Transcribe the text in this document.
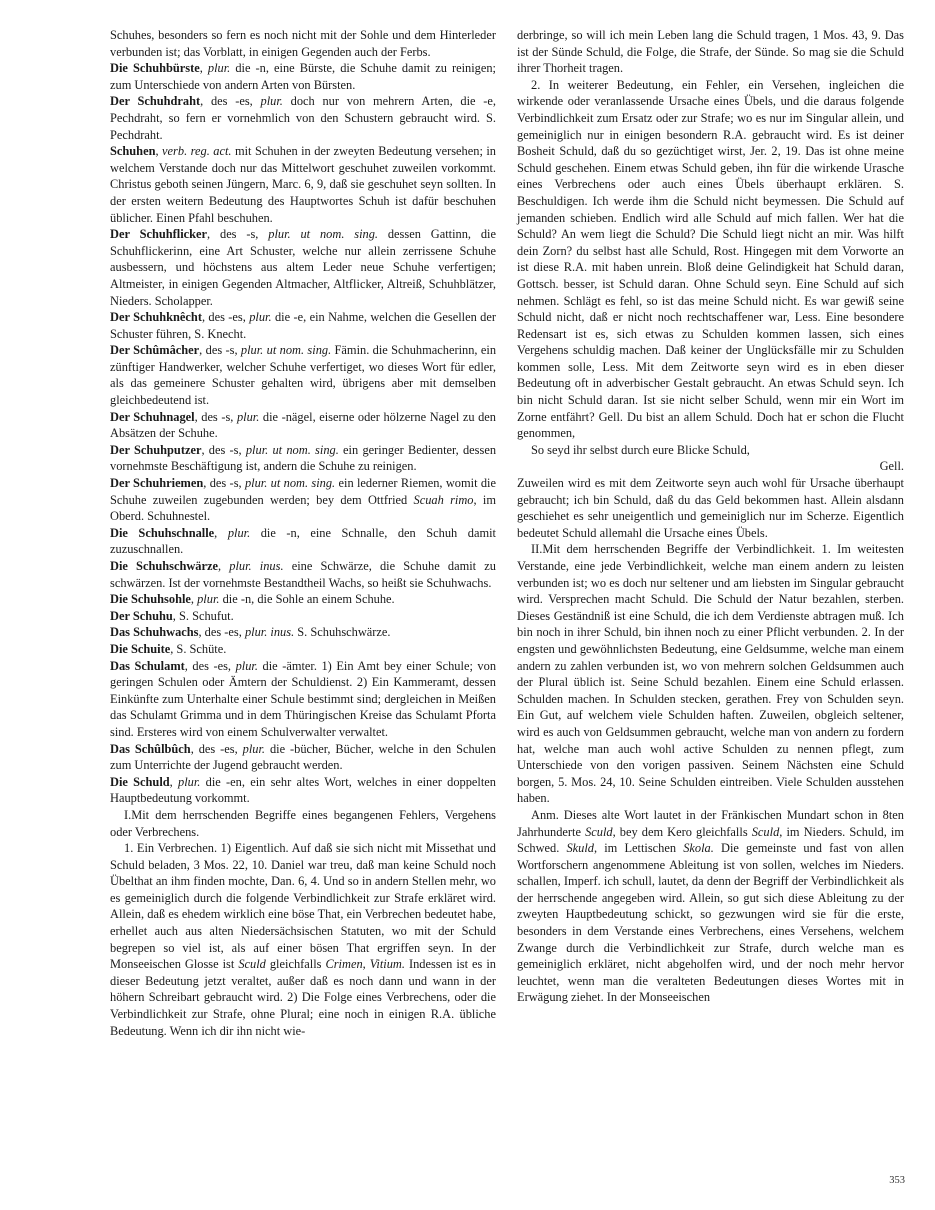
Schuhes, besonders so fern es noch nicht mit der Sohle und dem Hinterleder verbunden ist; das Vorblatt, in einigen Gegenden auch der Ferbs.

Die Schuhbürste, plur. die -n, eine Bürste, die Schuhe damit zu reinigen; zum Unterschiede von andern Arten von Bürsten.

Der Schuhdraht, des -es, plur. doch nur von mehrern Arten, die -e, Pechdraht, so fern er vornehmlich von den Schustern gebraucht wird. S. Pechdraht.

Schuhen, verb. reg. act. mit Schuhen in der zweyten Bedeutung versehen; in welchem Verstande doch nur das Mittelwort geschuhet zuweilen vorkommt. Christus geboth seinen Jüngern, Marc. 6, 9, daß sie geschuhet seyn sollten. In der ersten weitern Bedeutung des Hauptwortes Schuh ist dafür beschuhen üblicher. Einen Pfahl beschuhen.

Der Schuhflicker, des -s, plur. ut nom. sing. dessen Gattinn, die Schuhflickerinn, eine Art Schuster, welche nur allein zerrissene Schuhe ausbessern, und höchstens aus altem Leder neue Schuhe verfertigen; Altmeister, in einigen Gegenden Altmacher, Altflicker, Altreiß, Schuhblätzer, Nieders. Scholapper.

Der Schuhknêcht, des -es, plur. die -e, ein Nahme, welchen die Gesellen der Schuster führen, S. Knecht.

Der Schûmâcher, des -s, plur. ut nom. sing. Fämin. die Schuhmacherinn, ein zünftiger Handwerker, welcher Schuhe verfertiget, wo dieses Wort für edler, als das gemeinere Schuster gehalten wird, übrigens aber mit demselben gleichbedeutend ist.

Der Schuhnagel, des -s, plur. die -nägel, eiserne oder hölzerne Nagel zu den Absätzen der Schuhe.

Der Schuhputzer, des -s, plur. ut nom. sing. ein geringer Bedienter, dessen vornehmste Beschäftigung ist, andern die Schuhe zu reinigen.

Der Schuhriemen, des -s, plur. ut nom. sing. ein lederner Riemen, womit die Schuhe zuweilen zugebunden werden; bey dem Ottfried Scuah rimo, im Oberd. Schuhnestel.

Die Schuhschnalle, plur. die -n, eine Schnalle, den Schuh damit zuzuschnallen.

Die Schuhschwärze, plur. inus. eine Schwärze, die Schuhe damit zu schwärzen. Ist der vornehmste Bestandtheil Wachs, so heißt sie Schuhwachs.

Die Schuhsohle, plur. die -n, die Sohle an einem Schuhe.

Der Schuhu, S. Schufut.

Das Schuhwachs, des -es, plur. inus. S. Schuhschwärze.

Die Schuite, S. Schüte.

Das Schulamt, des -es, plur. die -ämter. 1) Ein Amt bey einer Schule; von geringen Schulen oder Ämtern der Schuldienst. 2) Ein Kammeramt, dessen Einkünfte zum Unterhalte einer Schule bestimmt sind; dergleichen in Meißen das Schulamt Grimma und in dem Thüringischen Kreise das Schulamt Pforta sind. Ersteres wird von einem Schulverwalter verwaltet.

Das Schûlbûch, des -es, plur. die -bücher, Bücher, welche in den Schulen zum Unterrichte der Jugend gebraucht werden.

Die Schuld, plur. die -en, ein sehr altes Wort, welches in einer doppelten Hauptbedeutung vorkommt.

I.Mit dem herrschenden Begriffe eines begangenen Fehlers, Vergehens oder Verbrechens.

1. Ein Verbrechen. 1) Eigentlich. Auf daß sie sich nicht mit Missethat und Schuld beladen, 3 Mos. 22, 10. Daniel war treu, daß man keine Schuld noch Übelthat an ihm finden mochte, Dan. 6, 4. Und so in andern Stellen mehr, wo es gemeiniglich durch die folgende Verbindlichkeit zur Strafe erkläret wird. Allein, daß es ehedem wirklich eine böse That, ein Verbrechen bedeutet habe, erhellet auch aus alten Niedersächsischen Statuten, wo mit der Schuld begrepen so viel ist, als auf einer bösen That ergriffen seyn. In der Monseeischen Glosse ist Sculd gleichfalls Crimen, Vitium. Indessen ist es in dieser Bedeutung jetzt veraltet, außer daß es noch dann und wann in der höhern Schreibart gebraucht wird. 2) Die Folge eines Verbrechens, oder die Verbindlichkeit zur Strafe, ohne Plural; eine noch in einigen R.A. übliche Bedeutung. Wenn ich dir ihn nicht wie-

derbringe, so will ich mein Leben lang die Schuld tragen, 1 Mos. 43, 9. Das ist der Sünde Schuld, die Folge, die Strafe, der Sünde. So mag sie die Schuld ihrer Thorheit tragen.

2. In weiterer Bedeutung, ein Fehler, ein Versehen, ingleichen die wirkende oder veranlassende Ursache eines Übels, und die daraus folgende Verbindlichkeit zum Ersatz oder zur Strafe; wo es nur im Singular allein, und gemeiniglich nur in einigen besondern R.A. gebraucht wird. Es ist deiner Bosheit Schuld, daß du so gezüchtiget wirst, Jer. 2, 19. Das ist ohne meine Schuld geschehen. Einem etwas Schuld geben, ihn für die wirkende Urasche eines Verbrechens oder auch eines Übels überhaupt erklären. S. Beschuldigen. Ich werde ihm die Schuld nicht beymessen. Die Schuld auf jemanden schieben. Endlich wird alle Schuld auf mich fallen. Wer hat die Schuld? An wem liegt die Schuld? Die Schuld liegt nicht an mir. Was hilft dein Zorn? du selbst hast alle Schuld, Rost. Hingegen mit dem Vorworte an ist diese R.A. mit haben unrein. Bloß deine Gelindigkeit hat Schuld daran, Gottsch. besser, ist Schuld daran. Ohne Schuld seyn. Eine Schuld auf sich nehmen. Schlägt es fehl, so ist das meine Schuld nicht. Es war gewiß seine Schuld nicht, daß er nicht noch rechtschaffener war, Less. Eine besondere Redensart ist es, sich etwas zu Schulden kommen lassen, sich eines Vergehens schuldig machen. Daß keiner der Unglücksfälle mir zu Schulden kommen solle, Less. Mit dem Zeitworte seyn wird es in eben dieser Bedeutung oft in adverbischer Gestalt gebraucht. An etwas Schuld seyn. Ich bin nicht Schuld daran. Ist sie nicht selber Schuld, wenn mir ein Wort im Zorne entfährt? Gell. Du bist an allem Schuld. Doch hat er schon die Flucht genommen,

So seyd ihr selbst durch eure Blicke Schuld,

Gell.

Zuweilen wird es mit dem Zeitworte seyn auch wohl für Ursache überhaupt gebraucht; ich bin Schuld, daß du das Geld bekommen hast. Allein alsdann geschiehet es sehr uneigentlich und gemeiniglich nur im Scherze. Eigentlich bedeutet Schuld allemahl die Ursache eines Übels.

II.Mit dem herrschenden Begriffe der Verbindlichkeit. 1. Im weitesten Verstande, eine jede Verbindlichkeit, welche man einem andern zu leisten verbunden ist; wo es doch nur seltener und am liebsten im Singular gebraucht wird. Versprechen macht Schuld. Die Schuld der Natur bezahlen, sterben. Dieses Geständniß ist eine Schuld, die ich dem Verdienste abtragen muß. Ich bin noch in ihrer Schuld, bin ihnen noch zu einer Pflicht verbunden. 2. In der engsten und gewöhnlichsten Bedeutung, eine Geldsumme, welche man einem andern zu zahlen verbunden ist, wo von mehrern solchen Geldsummen auch der Plural üblich ist. Seine Schuld bezahlen. Einem eine Schuld erlassen. Schulden machen. In Schulden stecken, gerathen. Frey von Schulden seyn. Ein Gut, auf welchem viele Schulden haften. Zuweilen, obgleich seltener, wird es auch von Geldsummen gebraucht, welche man von andern zu fordern hat, welche man auch wohl active Schulden zu nennen pflegt, zum Unterschiede von den vorigen passiven. Seinem Nächsten eine Schuld borgen, 5. Mos. 24, 10. Seine Schulden eintreiben. Viele Schulden ausstehen haben.

Anm. Dieses alte Wort lautet in der Fränkischen Mundart schon in 8ten Jahrhunderte Sculd, bey dem Kero gleichfalls Sculd, im Nieders. Schuld, im Schwed. Skuld, im Lettischen Skola. Die gemeinste und fast von allen Wortforschern angenommene Ableitung ist von sollen, welches im Nieders. schallen, Imperf. ich schull, lautet, da denn der Begriff der Verbindlichkeit als der herrschende angegeben wird. Allein, so gut sich diese Ableitung zu der zweyten Hauptbedeutung schickt, so gezwungen wird sie für die erste, besonders in dem Verstande eines Verbrechens, eines Versehens, welchem Zwange durch die Verbindlichkeit zur Strafe, durch welche man es gemeiniglich erkläret, nicht abgeholfen wird, und der noch mehr hervor leuchtet, wenn man die veralteten Bedeutungen dieses Wortes mit in Erwägung ziehet. In der Monseeischen

353
